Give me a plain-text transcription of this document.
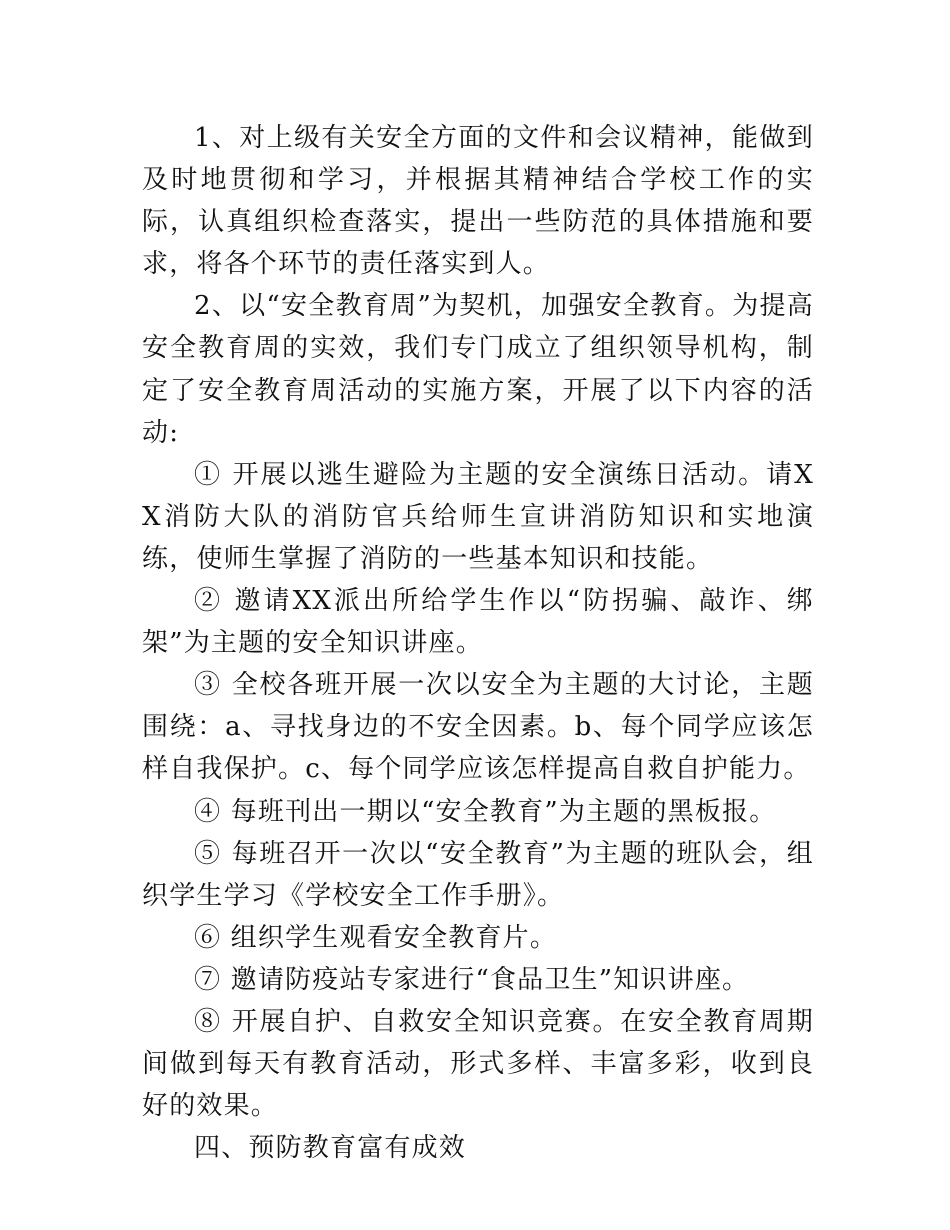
1、对上级有关安全方面的文件和会议精神，能做到及时地贯彻和学习，并根据其精神结合学校工作的实际，认真组织检查落实，提出一些防范的具体措施和要求，将各个环节的责任落实到人。

2、以“安全教育周”为契机，加强安全教育。为提高安全教育周的实效，我们专门成立了组织领导机构，制定了安全教育周活动的实施方案，开展了以下内容的活动:

① 开展以逃生避险为主题的安全演练日活动。请XX消防大队的消防官兵给师生宣讲消防知识和实地演练，使师生掌握了消防的一些基本知识和技能。

② 邀请XX派出所给学生作以“防拐骗、敲诈、绑架”为主题的安全知识讲座。

③ 全校各班开展一次以安全为主题的大讨论，主题围绕：a、寻找身边的不安全因素。b、每个同学应该怎样自我保护。c、每个同学应该怎样提高自救自护能力。

④ 每班刊出一期以“安全教育”为主题的黑板报。

⑤ 每班召开一次以“安全教育”为主题的班队会，组织学生学习《学校安全工作手册》。

⑥ 组织学生观看安全教育片。

⑦ 邀请防疫站专家进行“食品卫生”知识讲座。

⑧ 开展自护、自救安全知识竞赛。在安全教育周期间做到每天有教育活动，形式多样、丰富多彩，收到良好的效果。

四、预防教育富有成效
